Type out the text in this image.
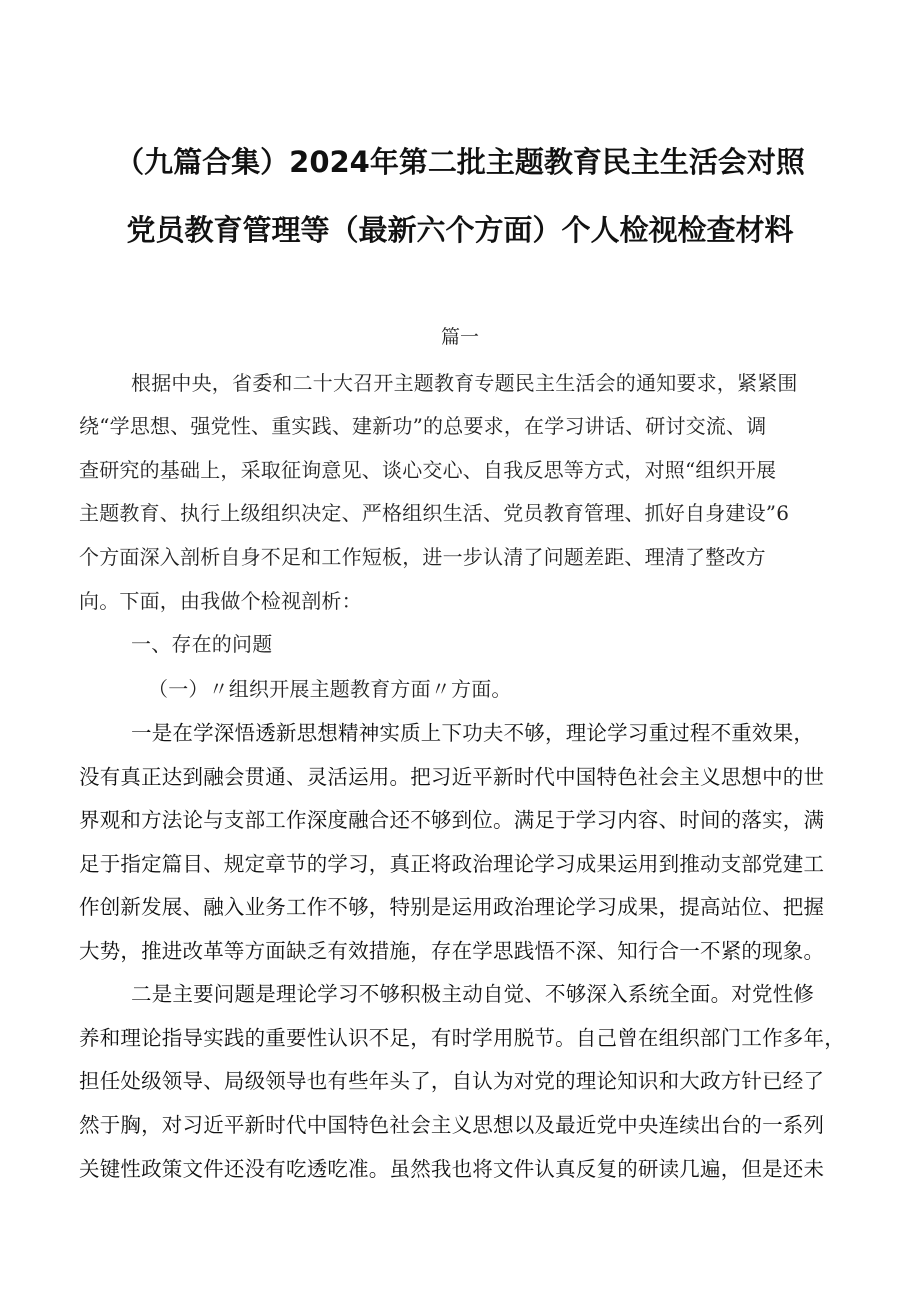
（九篇合集）2024年第二批主题教育民主生活会对照
党员教育管理等（最新六个方面）个人检视检查材料
篇一
根据中央，省委和二十大召开主题教育专题民主生活会的通知要求，紧紧围
绕“学思想、强党性、重实践、建新功”的总要求，在学习讲话、研讨交流、调
查研究的基础上，采取征询意见、谈心交心、自我反思等方式，对照“组织开展
主题教育、执行上级组织决定、严格组织生活、党员教育管理、抓好自身建设”6
个方面深入剖析自身不足和工作短板，进一步认清了问题差距、理清了整改方
向。下面，由我做个检视剖析：
一、存在的问题
（一）〃组织开展主题教育方面〃方面。
一是在学深悟透新思想精神实质上下功夫不够，理论学习重过程不重效果，
没有真正达到融会贯通、灵活运用。把习近平新时代中国特色社会主义思想中的世
界观和方法论与支部工作深度融合还不够到位。满足于学习内容、时间的落实，满
足于指定篇目、规定章节的学习，真正将政治理论学习成果运用到推动支部党建工
作创新发展、融入业务工作不够，特别是运用政治理论学习成果，提高站位、把握
大势，推进改革等方面缺乏有效措施，存在学思践悟不深、知行合一不紧的现象。
二是主要问题是理论学习不够积极主动自觉、不够深入系统全面。对党性修
养和理论指导实践的重要性认识不足，有时学用脱节。自己曾在组织部门工作多年，
担任处级领导、局级领导也有些年头了，自认为对党的理论知识和大政方针已经了
然于胸，对习近平新时代中国特色社会主义思想以及最近党中央连续出台的一系列
关键性政策文件还没有吃透吃准。虽然我也将文件认真反复的研读几遍，但是还未
